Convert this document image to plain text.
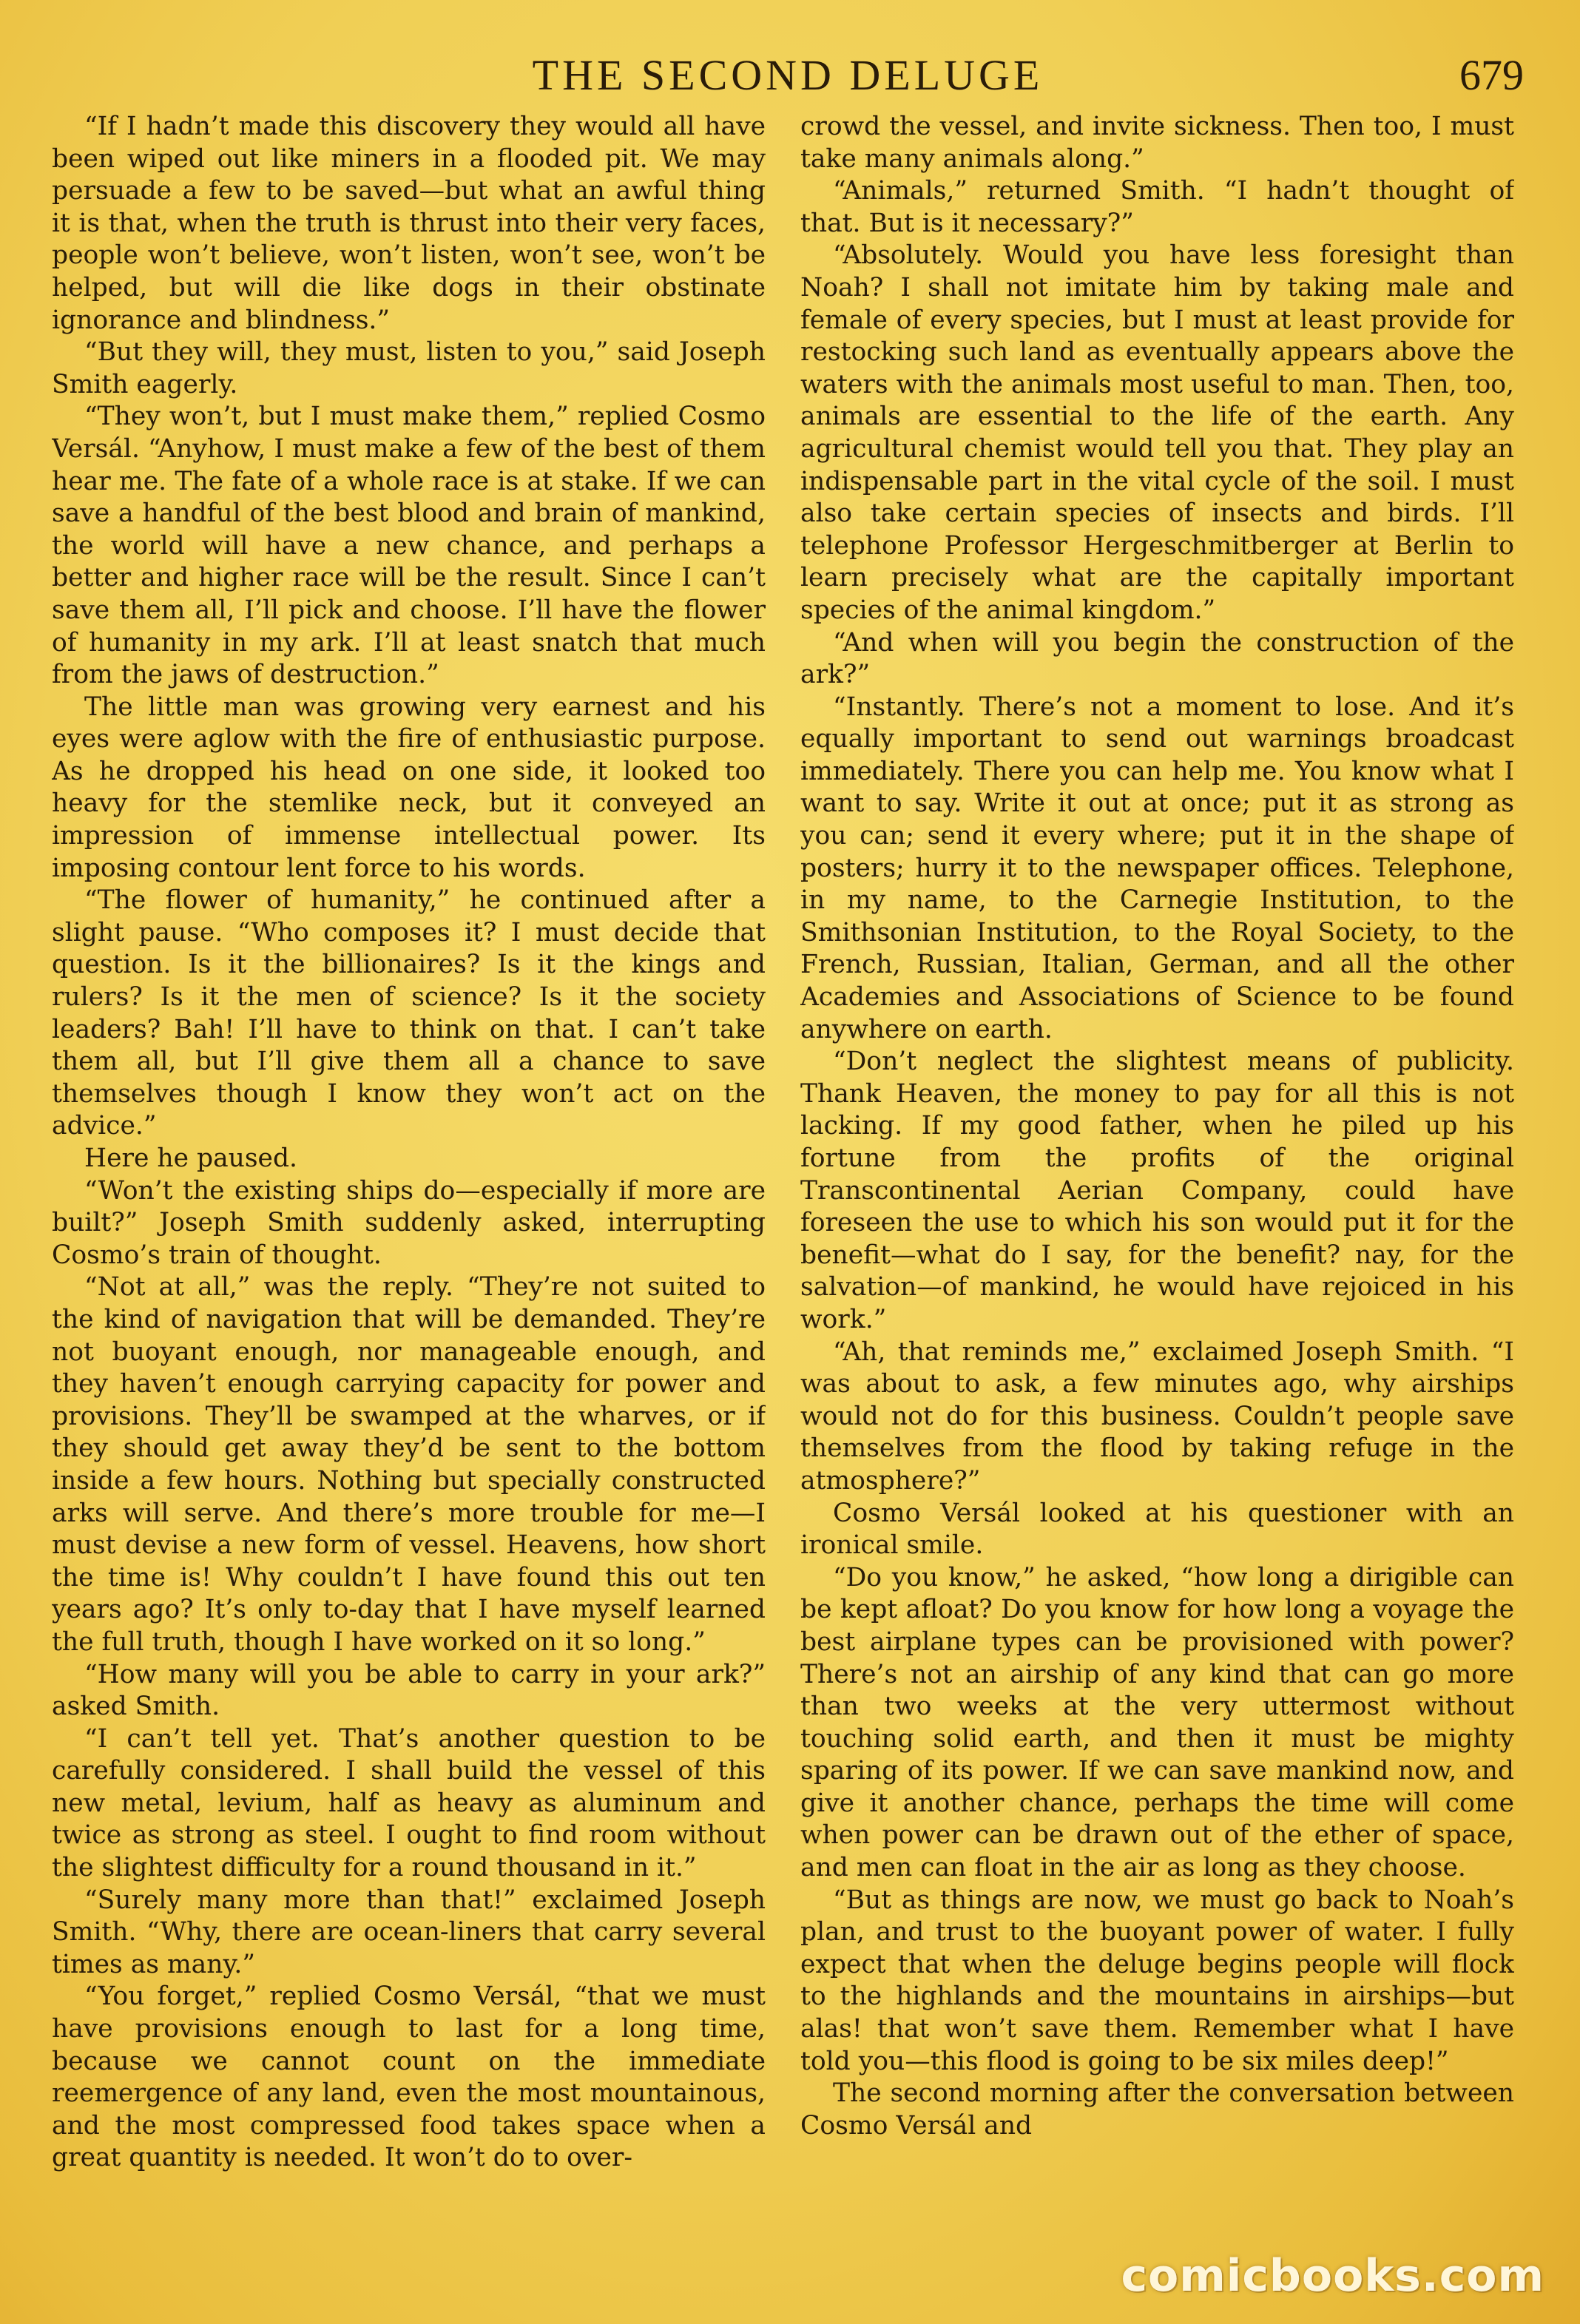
THE SECOND DELUGE	679

“If I hadn’t made this discovery they would all have been wiped out like miners in a flooded pit. We may persuade a few to be saved—but what an awful thing it is that, when the truth is thrust into their very faces, people won’t believe, won’t listen, won’t see, won’t be helped, but will die like dogs in their obstinate ignorance and blindness.”

“But they will, they must, listen to you,” said Joseph Smith eagerly.

“They won’t, but I must make them,” replied Cosmo Versál. “Anyhow, I must make a few of the best of them hear me. The fate of a whole race is at stake. If we can save a handful of the best blood and brain of mankind, the world will have a new chance, and perhaps a better and higher race will be the result. Since I can’t save them all, I’ll pick and choose. I’ll have the flower of humanity in my ark. I’ll at least snatch that much from the jaws of destruction.”

The little man was growing very earnest and his eyes were aglow with the fire of enthusiastic purpose. As he dropped his head on one side, it looked too heavy for the stemlike neck, but it conveyed an impression of immense intellectual power. Its imposing contour lent force to his words.

“The flower of humanity,” he continued after a slight pause. “Who composes it? I must decide that question. Is it the billionaires? Is it the kings and rulers? Is it the men of science? Is it the society leaders? Bah! I’ll have to think on that. I can’t take them all, but I’ll give them all a chance to save themselves though I know they won’t act on the advice.”

Here he paused.

“Won’t the existing ships do—especially if more are built?” Joseph Smith suddenly asked, interrupting Cosmo’s train of thought.

“Not at all,” was the reply. “They’re not suited to the kind of navigation that will be demanded. They’re not buoyant enough, nor manageable enough, and they haven’t enough carrying capacity for power and provisions. They’ll be swamped at the wharves, or if they should get away they’d be sent to the bottom inside a few hours. Nothing but specially constructed arks will serve. And there’s more trouble for me—I must devise a new form of vessel. Heavens, how short the time is! Why couldn’t I have found this out ten years ago? It’s only to-day that I have myself learned the full truth, though I have worked on it so long.”

“How many will you be able to carry in your ark?” asked Smith.

“I can’t tell yet. That’s another question to be carefully considered. I shall build the vessel of this new metal, levium, half as heavy as aluminum and twice as strong as steel. I ought to find room without the slightest difficulty for a round thousand in it.”

“Surely many more than that!” exclaimed Joseph Smith. “Why, there are ocean-liners that carry several times as many.”

“You forget,” replied Cosmo Versál, “that we must have provisions enough to last for a long time, because we cannot count on the immediate reemergence of any land, even the most mountainous, and the most compressed food takes space when a great quantity is needed. It won’t do to over-

crowd the vessel, and invite sickness. Then too, I must take many animals along.”

“Animals,” returned Smith. “I hadn’t thought of that. But is it necessary?”

“Absolutely. Would you have less foresight than Noah? I shall not imitate him by taking male and female of every species, but I must at least provide for restocking such land as eventually appears above the waters with the animals most useful to man. Then, too, animals are essential to the life of the earth. Any agricultural chemist would tell you that. They play an indispensable part in the vital cycle of the soil. I must also take certain species of insects and birds. I’ll telephone Professor Hergeschmitberger at Berlin to learn precisely what are the capitally important species of the animal kingdom.”

“And when will you begin the construction of the ark?”

“Instantly. There’s not a moment to lose. And it’s equally important to send out warnings broadcast immediately. There you can help me. You know what I want to say. Write it out at once; put it as strong as you can; send it every where; put it in the shape of posters; hurry it to the newspaper offices. Telephone, in my name, to the Carnegie Institution, to the Smithsonian Institution, to the Royal Society, to the French, Russian, Italian, German, and all the other Academies and Associations of Science to be found anywhere on earth.

“Don’t neglect the slightest means of publicity. Thank Heaven, the money to pay for all this is not lacking. If my good father, when he piled up his fortune from the profits of the original Transcontinental Aerian Company, could have foreseen the use to which his son would put it for the benefit—what do I say, for the benefit? nay, for the salvation—of mankind, he would have rejoiced in his work.”

“Ah, that reminds me,” exclaimed Joseph Smith. “I was about to ask, a few minutes ago, why airships would not do for this business. Couldn’t people save themselves from the flood by taking refuge in the atmosphere?”

Cosmo Versál looked at his questioner with an ironical smile.

“Do you know,” he asked, “how long a dirigible can be kept afloat? Do you know for how long a voyage the best airplane types can be provisioned with power? There’s not an airship of any kind that can go more than two weeks at the very uttermost without touching solid earth, and then it must be mighty sparing of its power. If we can save mankind now, and give it another chance, perhaps the time will come when power can be drawn out of the ether of space, and men can float in the air as long as they choose.

“But as things are now, we must go back to Noah’s plan, and trust to the buoyant power of water. I fully expect that when the deluge begins people will flock to the highlands and the mountains in airships—but alas! that won’t save them. Remember what I have told you—this flood is going to be six miles deep!”

The second morning after the conversation between Cosmo Versál and

comicbooks.com
